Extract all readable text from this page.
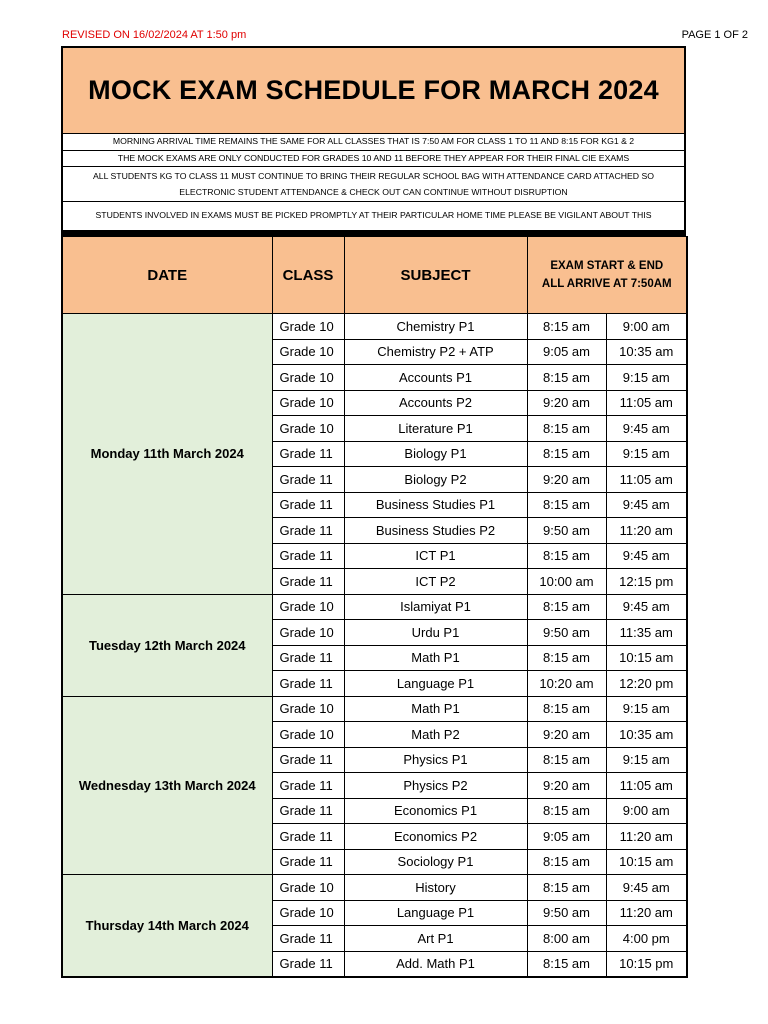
REVISED ON 16/02/2024 AT 1:50 pm	PAGE 1 OF 2
MOCK EXAM SCHEDULE FOR MARCH 2024
MORNING ARRIVAL TIME REMAINS THE SAME FOR ALL CLASSES THAT IS 7:50 AM FOR CLASS 1 TO 11 AND 8:15 FOR KG1 & 2
THE MOCK EXAMS ARE ONLY CONDUCTED FOR GRADES 10 AND 11 BEFORE THEY APPEAR FOR THEIR FINAL CIE EXAMS
ALL STUDENTS KG TO CLASS 11 MUST CONTINUE TO BRING THEIR REGULAR SCHOOL BAG WITH ATTENDANCE CARD ATTACHED SO
ELECTRONIC STUDENT ATTENDANCE & CHECK OUT CAN CONTINUE WITHOUT DISRUPTION
STUDENTS INVOLVED IN EXAMS MUST BE PICKED PROMPTLY AT THEIR PARTICULAR HOME TIME PLEASE BE VIGILANT ABOUT THIS
DATE	CLASS	SUBJECT	EXAM START & END
ALL ARRIVE AT 7:50AM	

Monday 11th March 2024	Grade 10	Chemistry P1	8:15 am	9:00 am
	Grade 10	Chemistry P2 + ATP	9:05 am	10:35 am
	Grade 10	Accounts P1	8:15 am	9:15 am
	Grade 10	Accounts P2	9:20 am	11:05 am
	Grade 10	Literature P1	8:15 am	9:45 am
	Grade 11	Biology P1	8:15 am	9:15 am
	Grade 11	Biology P2	9:20 am	11:05 am
	Grade 11	Business Studies P1	8:15 am	9:45 am
	Grade 11	Business Studies P2	9:50 am	11:20 am
	Grade 11	ICT P1	8:15 am	9:45 am
	Grade 11	ICT P2	10:00 am	12:15 pm
Tuesday 12th March 2024	Grade 10	Islamiyat P1	8:15 am	9:45 am
	Grade 10	Urdu P1	9:50 am	11:35 am
	Grade 11	Math P1	8:15 am	10:15 am
	Grade 11	Language P1	10:20 am	12:20 pm
Wednesday 13th March 2024	Grade 10	Math P1	8:15 am	9:15 am
	Grade 10	Math P2	9:20 am	10:35 am
	Grade 11	Physics P1	8:15 am	9:15 am
	Grade 11	Physics P2	9:20 am	11:05 am
	Grade 11	Economics P1	8:15 am	9:00 am
	Grade 11	Economics P2	9:05 am	11:20 am
	Grade 11	Sociology P1	8:15 am	10:15 am
Thursday 14th March 2024	Grade 10	History	8:15 am	9:45 am
	Grade 10	Language P1	9:50 am	11:20 am
	Grade 11	Art P1	8:00 am	4:00 pm
	Grade 11	Add. Math P1	8:15 am	10:15 pm
